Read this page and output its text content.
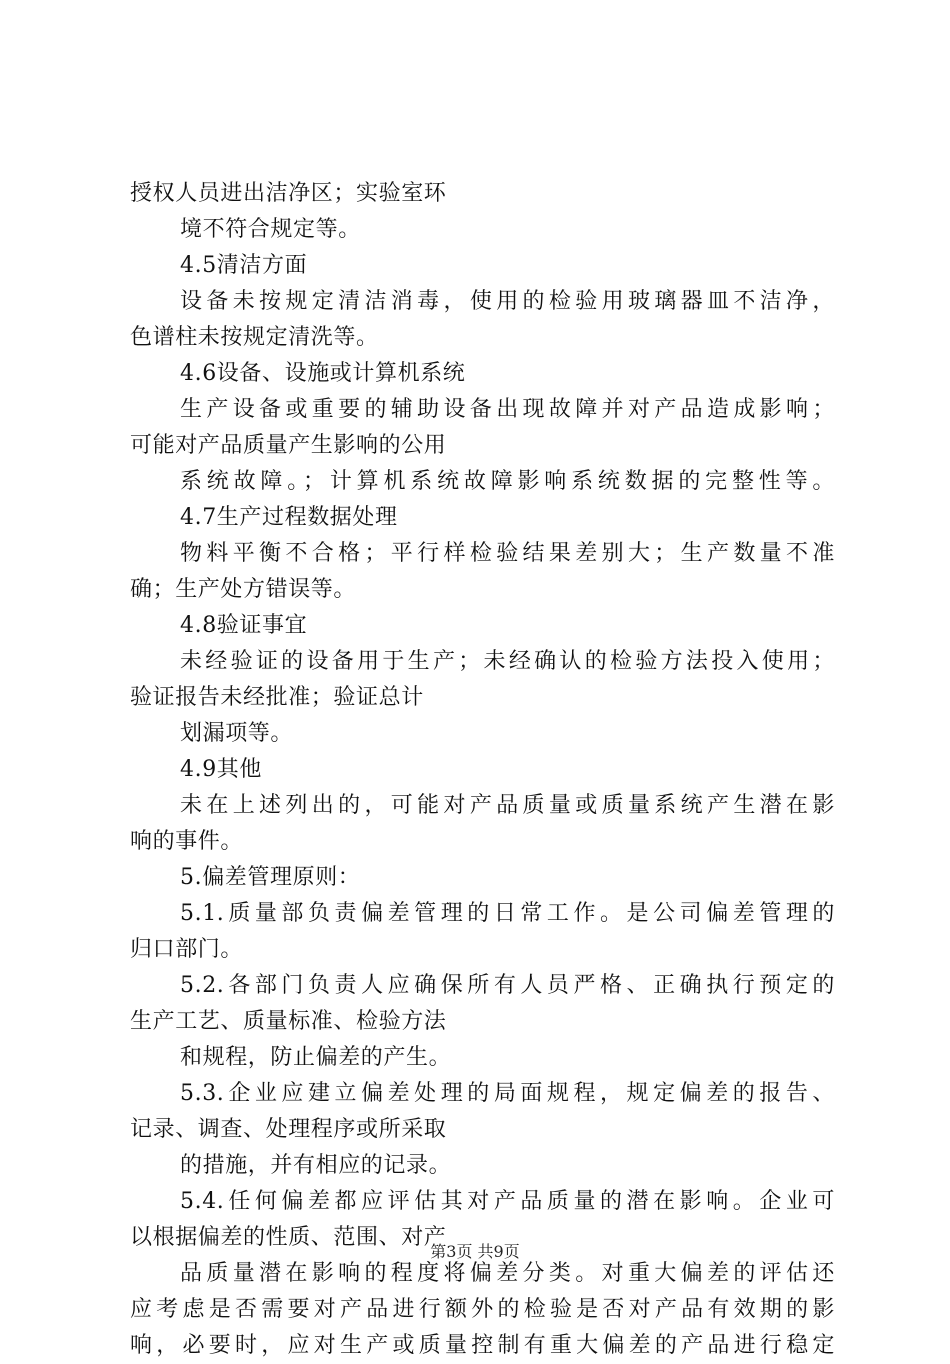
授权人员进出洁净区；实验室环
境不符合规定等。
4.5清洁方面
设备未按规定清洁消毒，使用的检验用玻璃器皿不洁净，
色谱柱未按规定清洗等。
4.6设备、设施或计算机系统
生产设备或重要的辅助设备出现故障并对产品造成影响；
可能对产品质量产生影响的公用
系统故障。；计算机系统故障影响系统数据的完整性等。
4.7生产过程数据处理
物料平衡不合格；平行样检验结果差别大；生产数量不准
确；生产处方错误等。
4.8验证事宜
未经验证的设备用于生产；未经确认的检验方法投入使用；
验证报告未经批准；验证总计
划漏项等。
4.9其他
未在上述列出的，可能对产品质量或质量系统产生潜在影
响的事件。
5.偏差管理原则：
5.1.质量部负责偏差管理的日常工作。是公司偏差管理的
归口部门。
5.2.各部门负责人应确保所有人员严格、正确执行预定的
生产工艺、质量标准、检验方法
和规程，防止偏差的产生。
5.3.企业应建立偏差处理的局面规程，规定偏差的报告、
记录、调查、处理程序或所采取
的措施，并有相应的记录。
5.4.任何偏差都应评估其对产品质量的潜在影响。企业可
以根据偏差的性质、范围、对产
品质量潜在影响的程度将偏差分类。对重大偏差的评估还
应考虑是否需要对产品进行额外的检验是否对产品有效期的影
响，必要时，应对生产或质量控制有重大偏差的产品进行稳定
第3页 共9页
